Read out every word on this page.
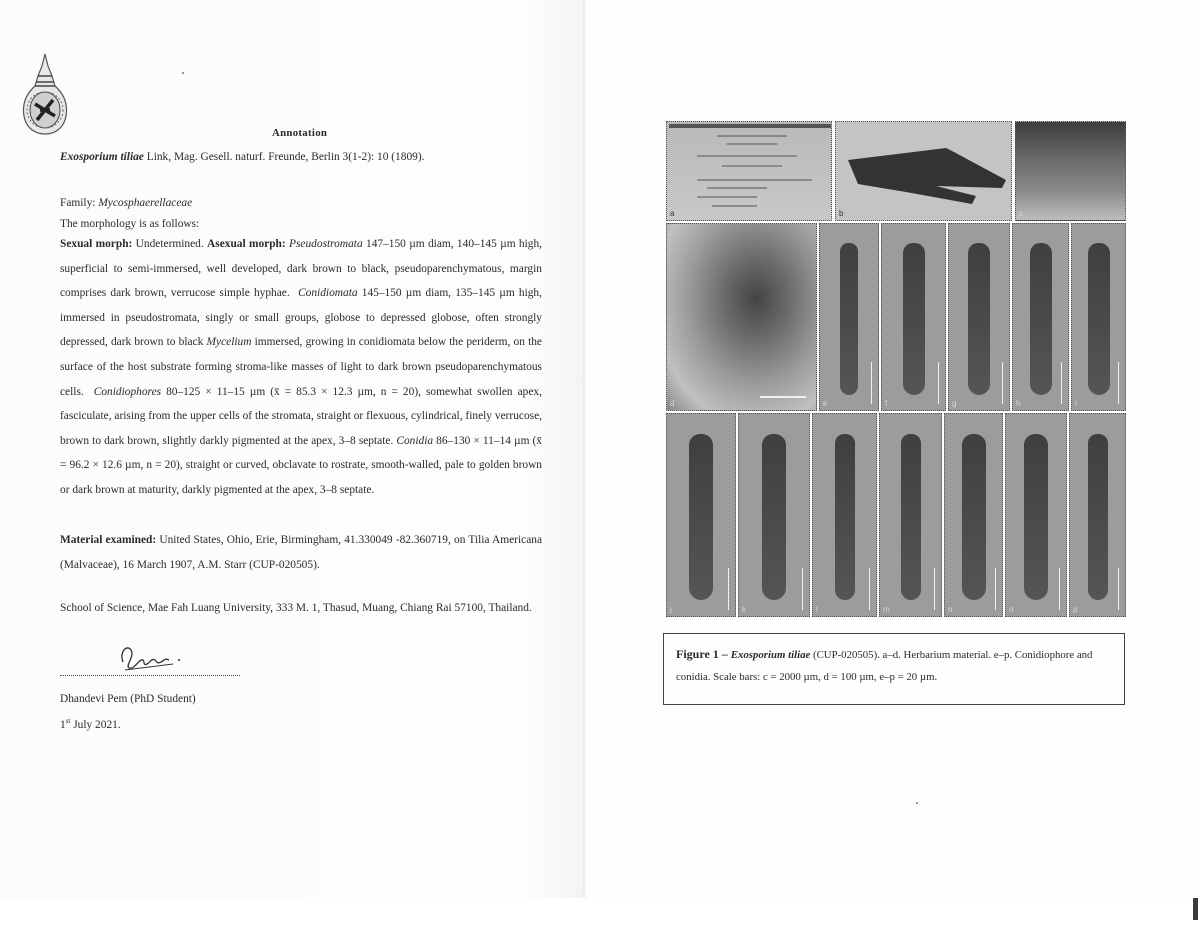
Annotation
Exosporium tiliae Link, Mag. Gesell. naturf. Freunde, Berlin 3(1-2): 10 (1809).
Family: Mycosphaerellaceae
The morphology is as follows:
Sexual morph: Undetermined. Asexual morph: Pseudostromata 147–150 µm diam, 140–145 µm high, superficial to semi-immersed, well developed, dark brown to black, pseudoparenchymatous, margin comprises dark brown, verrucose simple hyphae. Conidiomata 145–150 µm diam, 135–145 µm high, immersed in pseudostromata, singly or small groups, globose to depressed globose, often strongly depressed, dark brown to black Mycelium immersed, growing in conidiomata below the periderm, on the surface of the host substrate forming stroma-like masses of light to dark brown pseudoparenchymatous cells. Conidiophores 80–125 × 11–15 µm (x̄ = 85.3 × 12.3 µm, n = 20), somewhat swollen apex, fasciculate, arising from the upper cells of the stromata, straight or flexuous, cylindrical, finely verrucose, brown to dark brown, slightly darkly pigmented at the apex, 3–8 septate. Conidia 86–130 × 11–14 µm (x̄ = 96.2 × 12.6 µm, n = 20), straight or curved, obclavate to rostrate, smooth-walled, pale to golden brown or dark brown at maturity, darkly pigmented at the apex, 3–8 septate.
Material examined: United States, Ohio, Erie, Birmingham, 41.330049 -82.360719, on Tilia Americana (Malvaceae), 16 March 1907, A.M. Starr (CUP-020505).
School of Science, Mae Fah Luang University, 333 M. 1, Thasud, Muang, Chiang Rai 57100, Thailand.
Dhandevi Pem (PhD Student)
1st July 2021.
a	b	c
d	e	f	g	h	i
j	k	l	m	n	o	p
Figure 1 – Exosporium tiliae (CUP-020505). a–d. Herbarium material. e–p. Conidiophore and conidia. Scale bars: c = 2000 µm, d = 100 µm, e–p = 20 µm.
